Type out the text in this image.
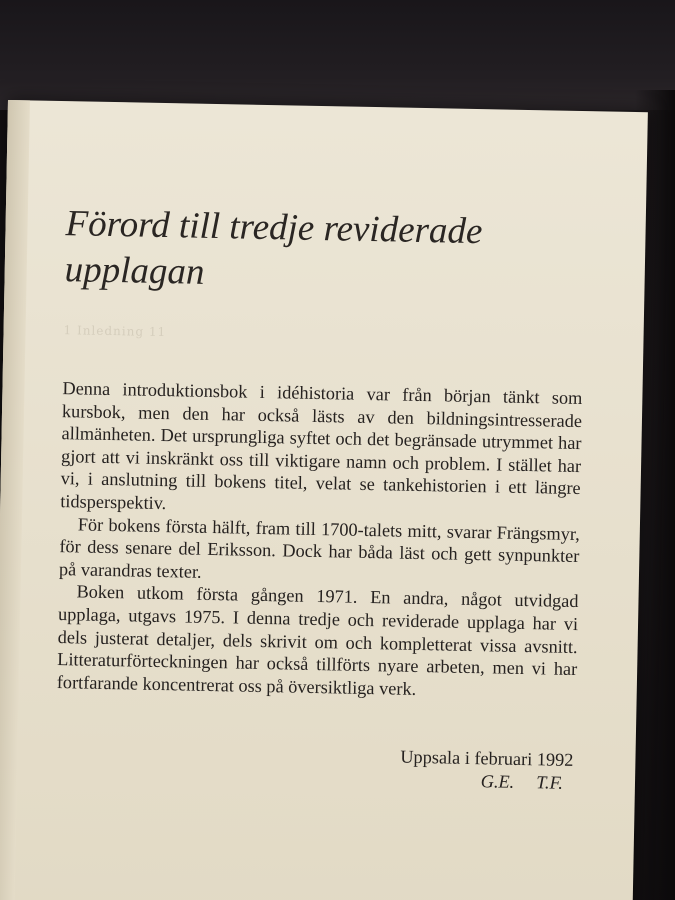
1 Inledning 11
Förord till tredje reviderade upplagan

Denna introduktionsbok i idéhistoria var från början tänkt som kursbok, men den har också lästs av den bildningsintresserade allmänheten. Det ursprungliga syftet och det begränsade utrymmet har gjort att vi inskränkt oss till viktigare namn och problem. I stället har vi, i anslutning till bokens titel, velat se tankehistorien i ett längre tidsperspektiv.

För bokens första hälft, fram till 1700-talets mitt, svarar Frängsmyr, för dess senare del Eriksson. Dock har båda läst och gett synpunkter på varandras texter.

Boken utkom första gången 1971. En andra, något utvidgad upplaga, utgavs 1975. I denna tredje och reviderade upplaga har vi dels justerat detaljer, dels skrivit om och kompletterat vissa avsnitt. Litteraturförteckningen har också tillförts nyare arbeten, men vi har fortfarande koncentrerat oss på översiktliga verk.

Uppsala i februari 1992
G.E. T.F.
